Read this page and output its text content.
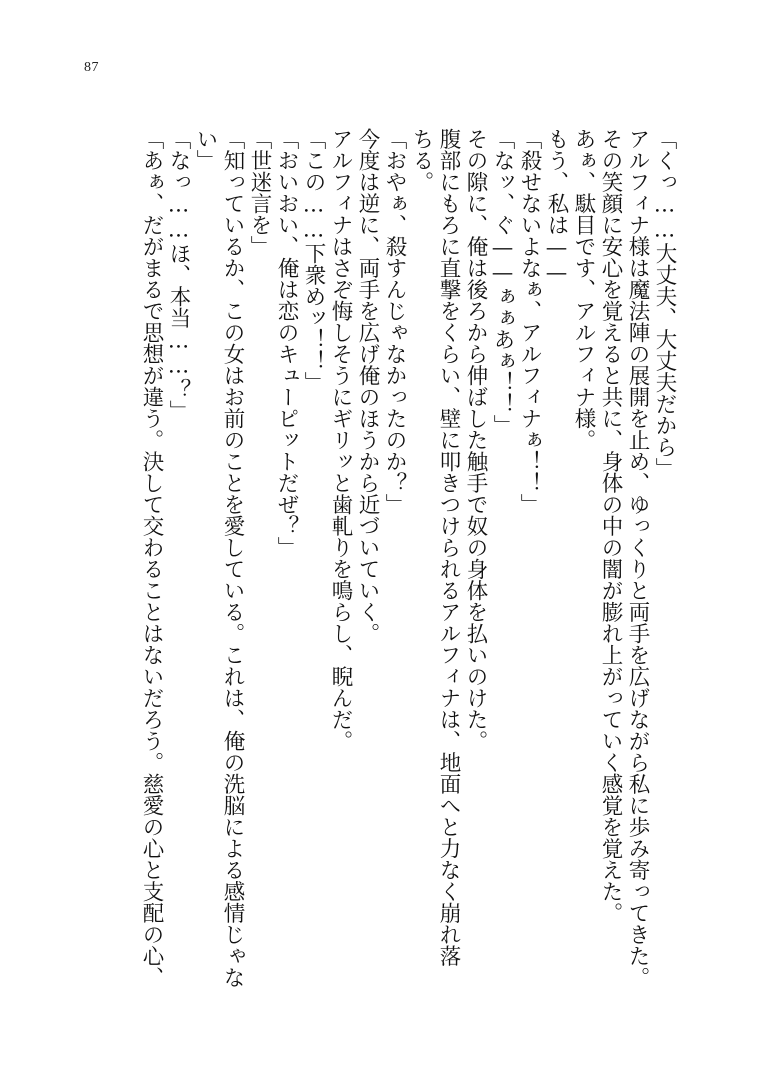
87
「くっ……大丈夫、大丈夫だから」
アルフィナ様は魔法陣の展開を止め、ゆっくりと両手を広げながら私に歩み寄ってきた。
その笑顔に安心を覚えると共に、身体の中の闇が膨れ上がっていく感覚を覚えた。
あぁ、駄目です、アルフィナ様。
もう、私は——
「殺せないよなぁ、アルフィナぁ！！」
「なッ、ぐ——ぁぁあぁ！！」
その隙に、俺は後ろから伸ばした触手で奴の身体を払いのけた。
腹部にもろに直撃をくらい、壁に叩きつけられるアルフィナは、地面へと力なく崩れ落
ちる。
「おやぁ、殺すんじゃなかったのか？」
今度は逆に、両手を広げ俺のほうから近づいていく。
アルフィナはさぞ悔しそうにギリッと歯軋りを鳴らし、睨んだ。
「この……下衆めッ！！」
「おいおい、俺は恋のキューピットだぜ？」
「世迷言を」
「知っているか、この女はお前のことを愛している。これは、俺の洗脳による感情じゃな
い」
「なっ……ほ、本当……？」
「あぁ、だがまるで思想が違う。決して交わることはないだろう。慈愛の心と支配の心、
